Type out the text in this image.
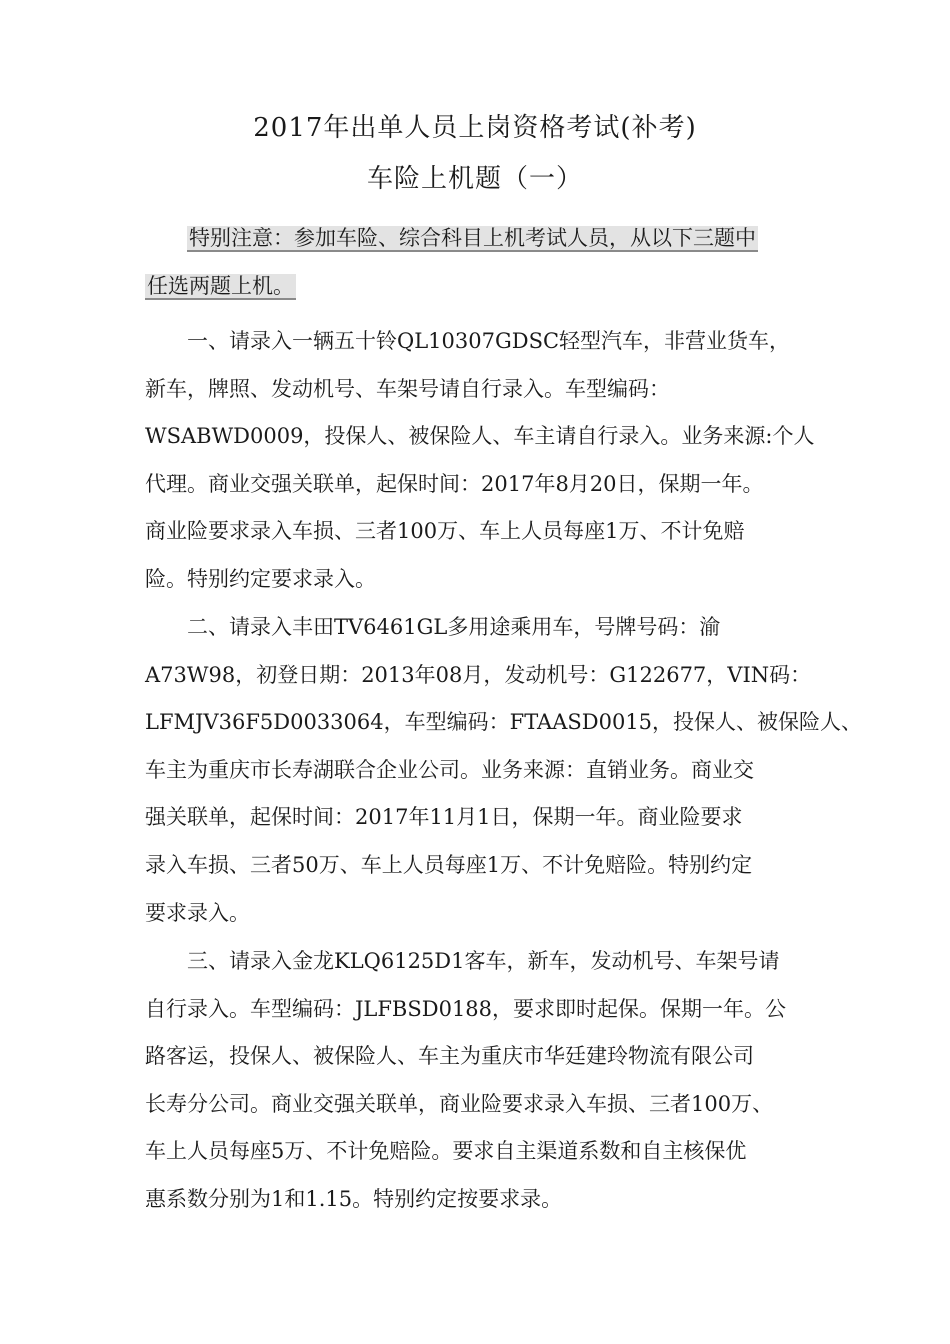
2017年出单人员上岗资格考试(补考)
车险上机题（一）
特别注意：参加车险、综合科目上机考试人员，从以下三题中
任选两题上机。
一、请录入一辆五十铃QL10307GDSC轻型汽车，非营业货车，
新车，牌照、发动机号、车架号请自行录入。车型编码：
WSABWD0009，投保人、被保险人、车主请自行录入。业务来源:个人
代理。商业交强关联单，起保时间：2017年8月20日，保期一年。
商业险要求录入车损、三者100万、车上人员每座1万、不计免赔
险。特别约定要求录入。
二、请录入丰田TV6461GL多用途乘用车，号牌号码：渝
A73W98，初登日期：2013年08月，发动机号：G122677，VIN码：
LFMJV36F5D0033064，车型编码：FTAASD0015，投保人、被保险人、
车主为重庆市长寿湖联合企业公司。业务来源：直销业务。商业交
强关联单，起保时间：2017年11月1日，保期一年。商业险要求
录入车损、三者50万、车上人员每座1万、不计免赔险。特别约定
要求录入。
三、请录入金龙KLQ6125D1客车，新车，发动机号、车架号请
自行录入。车型编码：JLFBSD0188，要求即时起保。保期一年。公
路客运，投保人、被保险人、车主为重庆市华廷建玲物流有限公司
长寿分公司。商业交强关联单，商业险要求录入车损、三者100万、
车上人员每座5万、不计免赔险。要求自主渠道系数和自主核保优
惠系数分别为1和1.15。特别约定按要求录。
